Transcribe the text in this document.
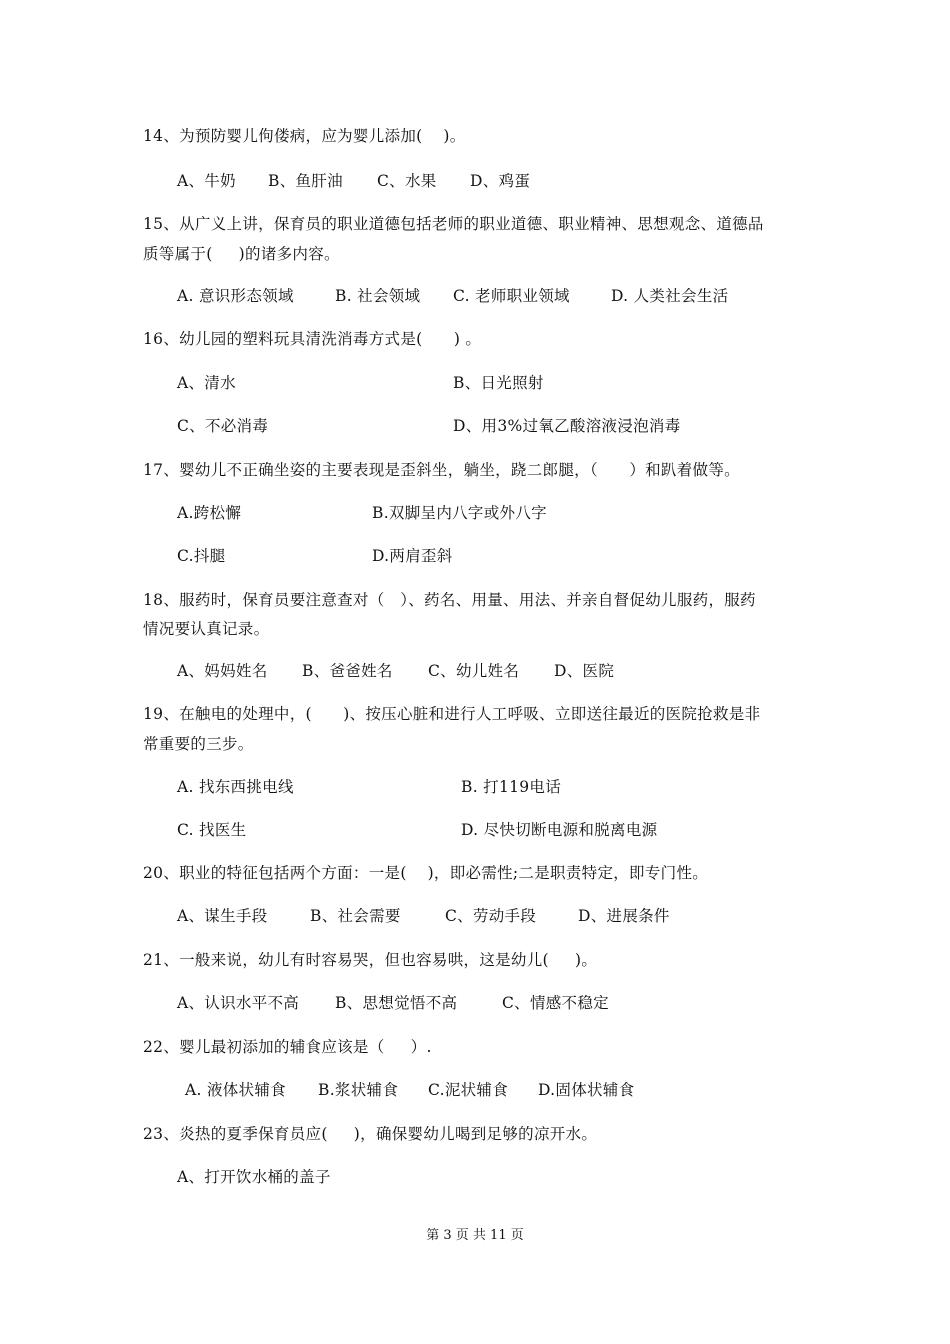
14、为预防婴儿佝偻病，应为婴儿添加(    )。
A、牛奶 B、鱼肝油 C、水果 D、鸡蛋
15、从广义上讲，保育员的职业道德包括老师的职业道德、职业精神、思想观念、道德品
质等属于(     )的诸多内容。
A. 意识形态领域	B. 社会领域 C. 老师职业领域	D. 人类社会生活
16、幼儿园的塑料玩具清洗消毒方式是(      ) 。
A、清水	B、日光照射
C、不必消毒	D、用3%过氧乙酸溶液浸泡消毒
17、婴幼儿不正确坐姿的主要表现是歪斜坐，躺坐，跷二郎腿，（      ）和趴着做等。
A.跨松懈	B.双脚呈内八字或外八字
C.抖腿	D.两肩歪斜
18、服药时，保育员要注意查对（   ）、药名、用量、用法、并亲自督促幼儿服药，服药
情况要认真记录。
A、妈妈姓名 B、爸爸姓名 C、幼儿姓名 D、医院
19、在触电的处理中，(      )、按压心脏和进行人工呼吸、立即送往最近的医院抢救是非
常重要的三步。
A. 找东西挑电线	B. 打119电话
C. 找医生	D. 尽快切断电源和脱离电源
20、职业的特征包括两个方面：一是(    )，即必需性;二是职责特定，即专门性。
A、谋生手段	B、社会需要	C、劳动手段	D、进展条件
21、一般来说，幼儿有时容易哭，但也容易哄，这是幼儿(     )。
A、认识水平不高 B、思想觉悟不高	C、情感不稳定
22、婴儿最初添加的辅食应该是（     ）.
A. 液体状辅食 B.浆状辅食 C.泥状辅食 D.固体状辅食
23、炎热的夏季保育员应(     )，确保婴幼儿喝到足够的凉开水。
A、打开饮水桶的盖子
第 3 页 共 11 页
